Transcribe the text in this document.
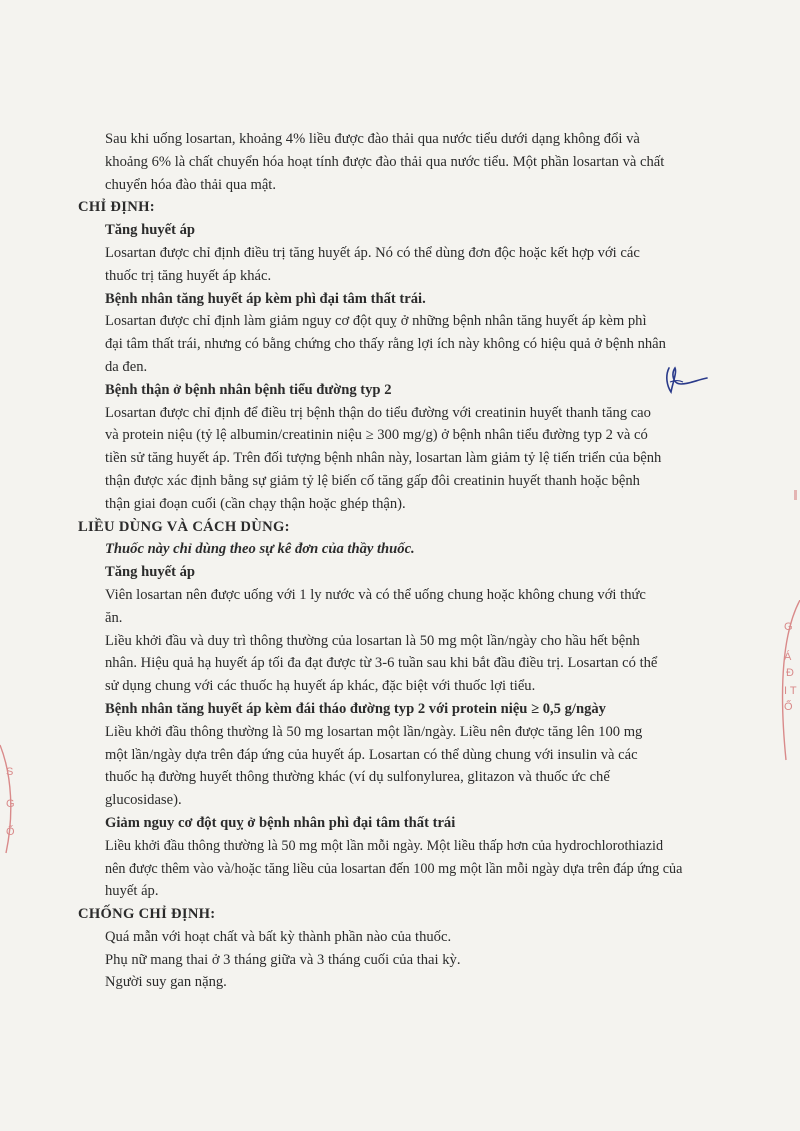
Sau khi uống losartan, khoảng 4% liều được đào thải qua nước tiểu dưới dạng không đổi và

khoảng 6% là chất chuyển hóa hoạt tính được đào thải qua nước tiểu. Một phần losartan và chất

chuyển hóa đào thải qua mật.

CHỈ ĐỊNH:

Tăng huyết áp

Losartan được chỉ định điều trị tăng huyết áp. Nó có thể dùng đơn độc hoặc kết hợp với các

thuốc trị tăng huyết áp khác.

Bệnh nhân tăng huyết áp kèm phì đại tâm thất trái.

Losartan được chỉ định làm giảm nguy cơ đột quỵ ở những bệnh nhân tăng huyết áp kèm phì

đại tâm thất trái, nhưng có bằng chứng cho thấy rằng lợi ích này không có hiệu quả ở bệnh nhân

da đen.

Bệnh thận ở bệnh nhân bệnh tiểu đường typ 2

Losartan được chỉ định để điều trị bệnh thận do tiểu đường với creatinin huyết thanh tăng cao

và protein niệu (tỷ lệ albumin/creatinin niệu ≥ 300 mg/g) ở bệnh nhân tiểu đường typ 2 và có

tiền sử tăng huyết áp. Trên đối tượng bệnh nhân này, losartan làm giảm tỷ lệ tiến triển của bệnh

thận được xác định bằng sự giảm tỷ lệ biến cố tăng gấp đôi creatinin huyết thanh hoặc bệnh

thận giai đoạn cuối (cần chạy thận hoặc ghép thận).

LIỀU DÙNG VÀ CÁCH DÙNG:

Thuốc này chỉ dùng theo sự kê đơn của thầy thuốc.

Tăng huyết áp

Viên losartan nên được uống với 1 ly nước và có thể uống chung hoặc không chung với thức

ăn.

Liều khởi đầu và duy trì thông thường của losartan là 50 mg một lần/ngày cho hầu hết bệnh

nhân. Hiệu quả hạ huyết áp tối đa đạt được từ 3-6 tuần sau khi bắt đầu điều trị. Losartan có thể

sử dụng chung với các thuốc hạ huyết áp khác, đặc biệt với thuốc lợi tiểu.

Bệnh nhân tăng huyết áp kèm đái tháo đường typ 2 với protein niệu ≥ 0,5 g/ngày

Liều khởi đầu thông thường là 50 mg losartan một lần/ngày. Liều nên được tăng lên 100 mg

một lần/ngày dựa trên đáp ứng của huyết áp. Losartan có thể dùng chung với insulin và các

thuốc hạ đường huyết thông thường khác (ví dụ sulfonylurea, glitazon và thuốc ức chế

glucosidase).

Giảm nguy cơ đột quỵ ở bệnh nhân phì đại tâm thất trái

Liều khởi đầu thông thường là 50 mg một lần mỗi ngày. Một liều thấp hơn của hydrochlorothiazid

nên được thêm vào và/hoặc tăng liều của losartan đến 100 mg một lần mỗi ngày dựa trên đáp ứng của

huyết áp.

CHỐNG CHỈ ĐỊNH:

Quá mẫn với hoạt chất và bất kỳ thành phần nào của thuốc.

Phụ nữ mang thai ở 3 tháng giữa và 3 tháng cuối của thai kỳ.

Người suy gan nặng.

G
Á
Đ
I T
Ố
S
G
Ố
